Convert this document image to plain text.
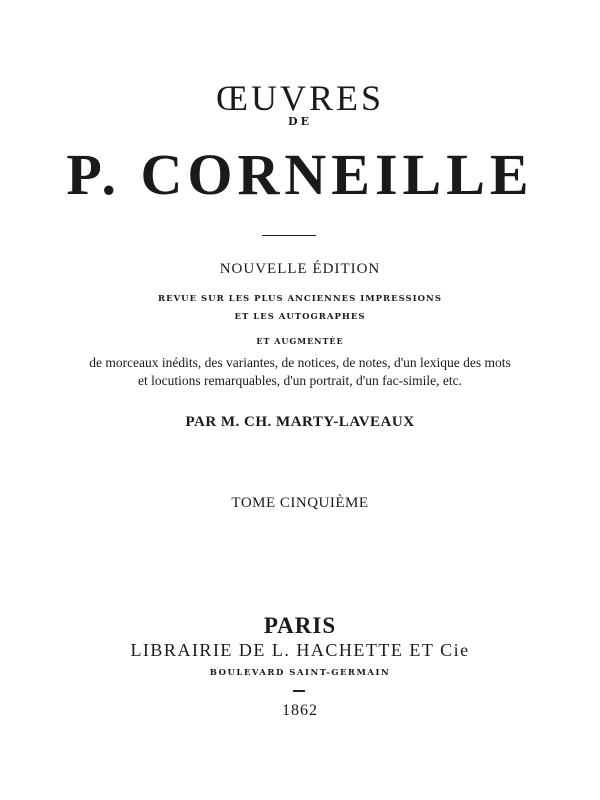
ŒUVRES
DE
P. CORNEILLE
NOUVELLE ÉDITION
REVUE SUR LES PLUS ANCIENNES IMPRESSIONS
ET LES AUTOGRAPHES
ET AUGMENTÉE
de morceaux inédits, des variantes, de notices, de notes, d'un lexique des mots
et locutions remarquables, d'un portrait, d'un fac-simile, etc.
PAR M. CH. MARTY-LAVEAUX
TOME CINQUIÈME
PARIS
LIBRAIRIE DE L. HACHETTE ET Cie
BOULEVARD SAINT-GERMAIN
1862
